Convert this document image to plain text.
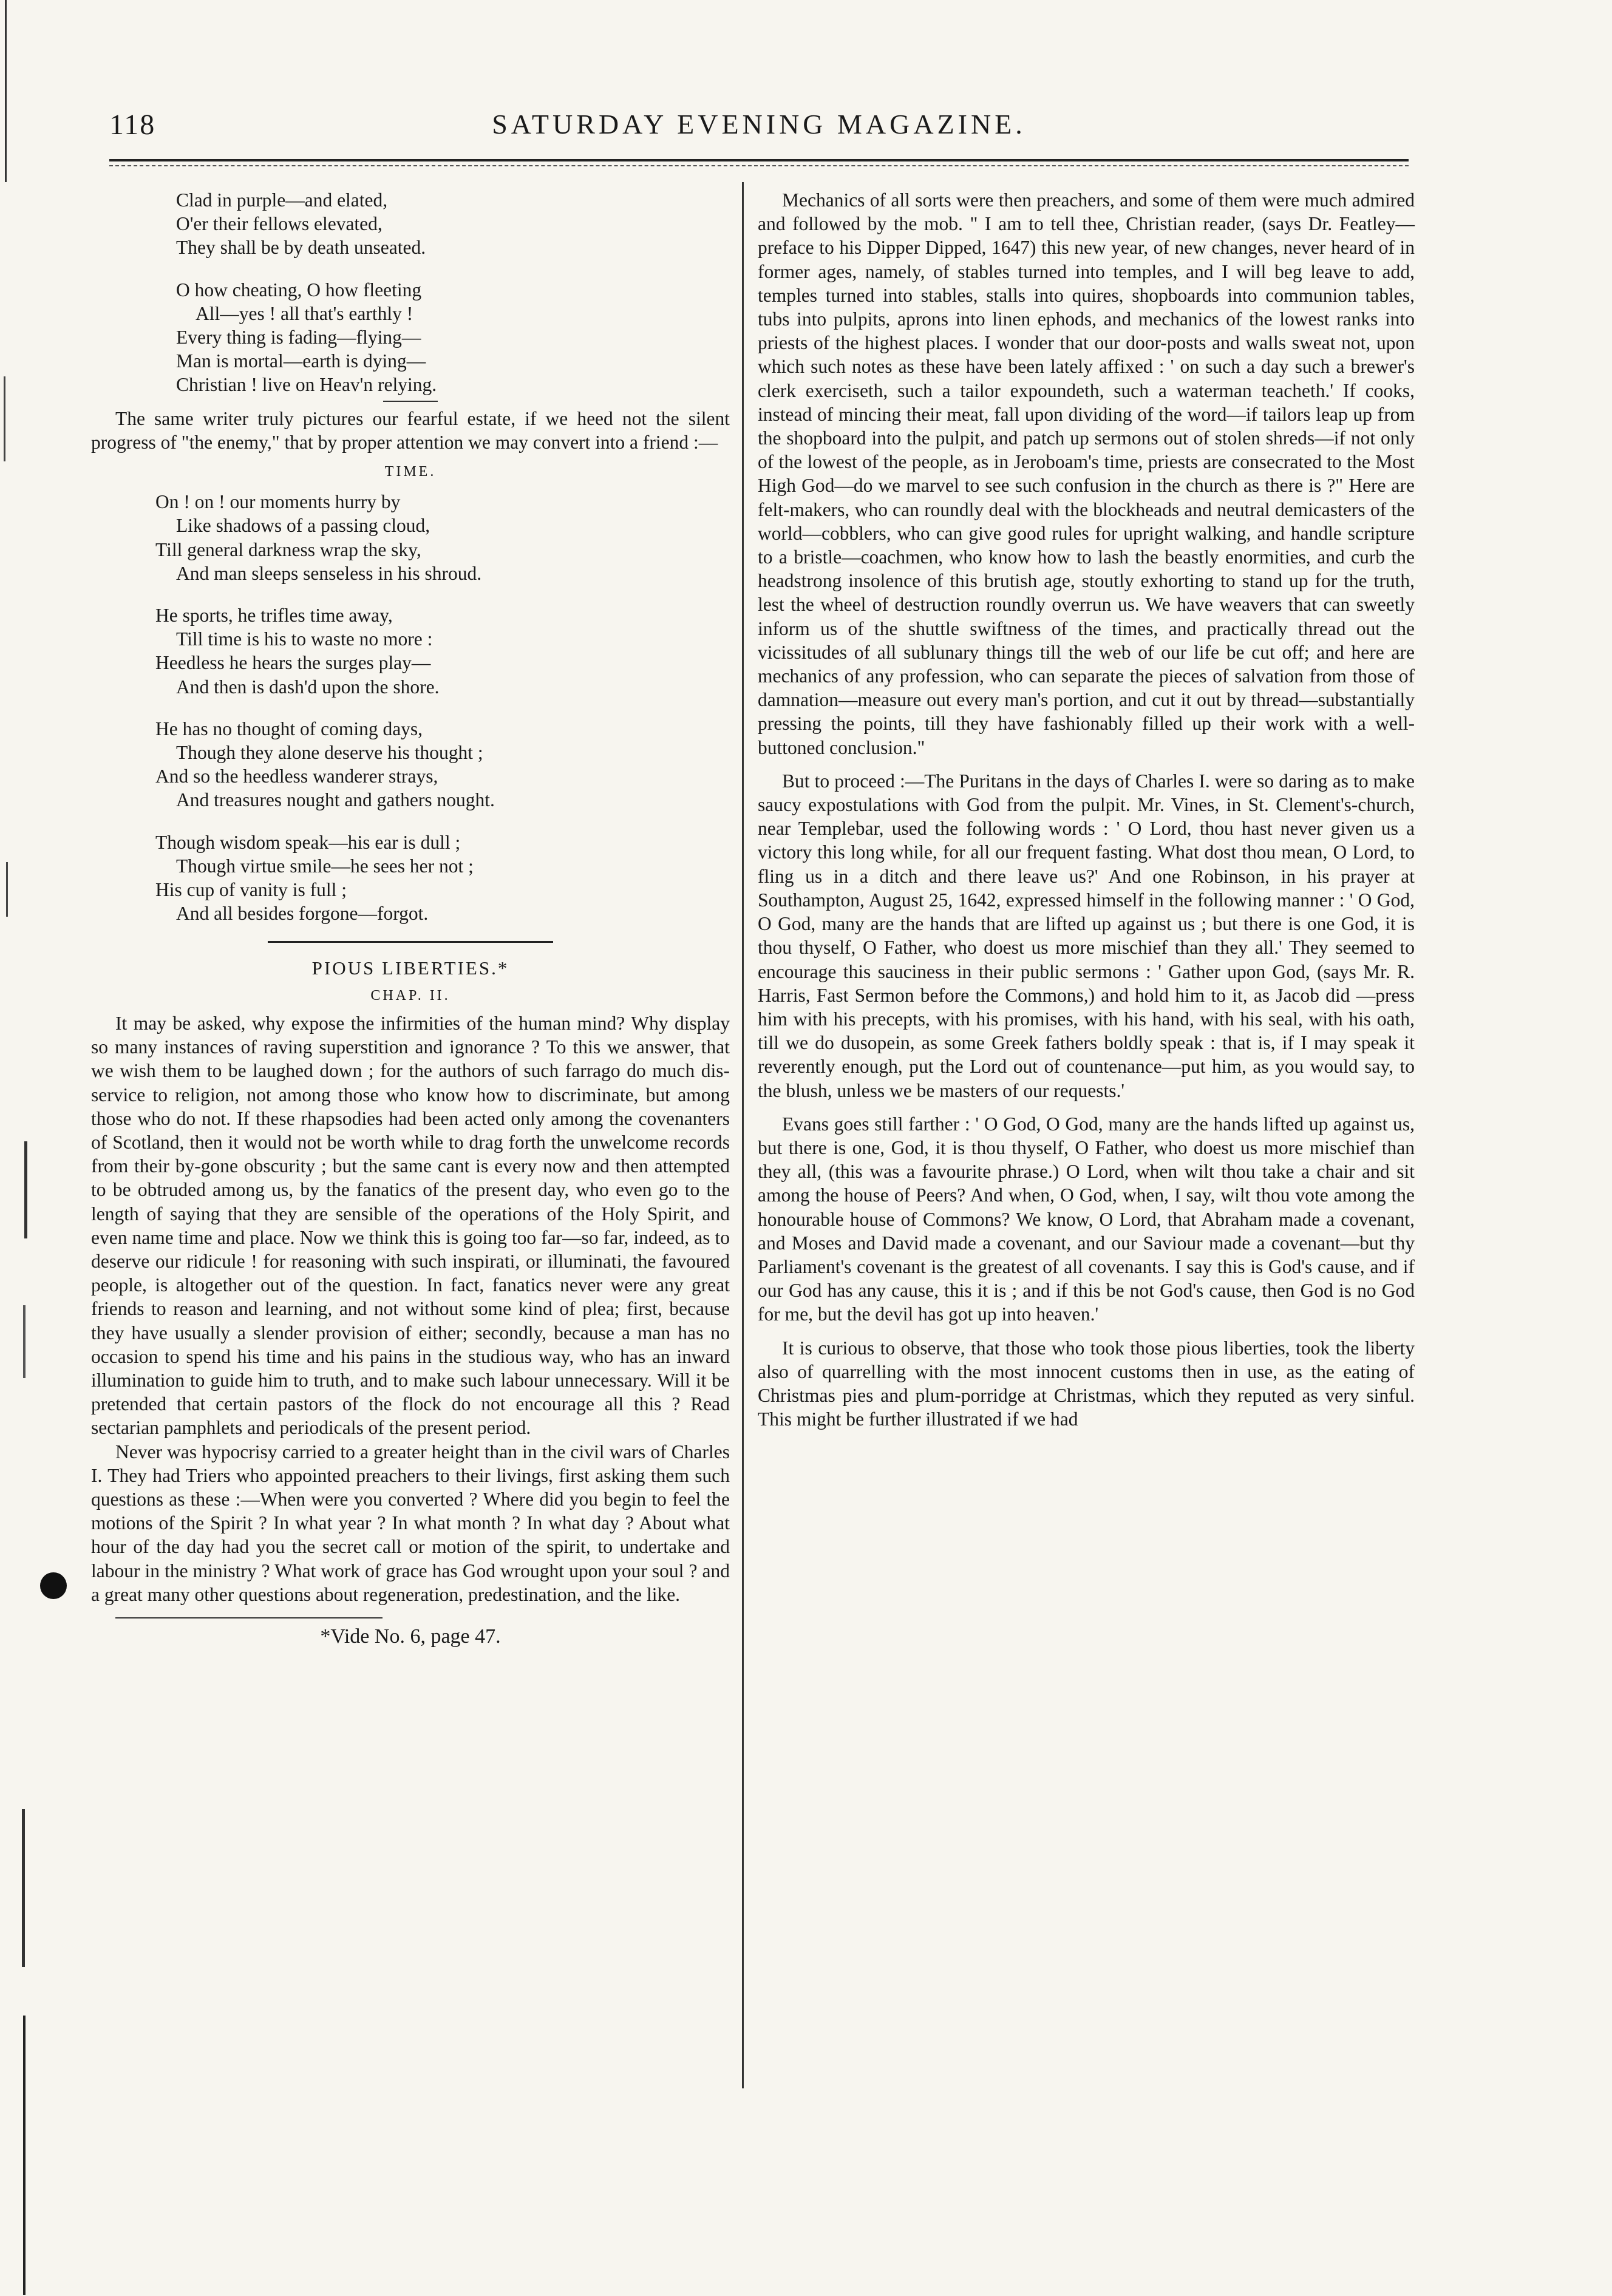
118	SATURDAY EVENING MAGAZINE.
Clad in purple—and elated,
O'er their fellows elevated,
They shall be by death unseated.
O how cheating, O how fleeting
All—yes ! all that's earthly !
Every thing is fading—flying—
Man is mortal—earth is dying—
Christian ! live on Heav'n relying.

The same writer truly pictures our fearful estate, if we heed not the silent progress of "the enemy," that by proper attention we may convert into a friend :—

TIME.
On ! on ! our moments hurry by
Like shadows of a passing cloud,
Till general darkness wrap the sky,
And man sleeps senseless in his shroud.
He sports, he trifles time away,
Till time is his to waste no more :
Heedless he hears the surges play—
And then is dash'd upon the shore.
He has no thought of coming days,
Though they alone deserve his thought ;
And so the heedless wanderer strays,
And treasures nought and gathers nought.
Though wisdom speak—his ear is dull ;
Though virtue smile—he sees her not ;
His cup of vanity is full ;
And all besides forgone—forgot.
PIOUS LIBERTIES.*
CHAP. II.

It may be asked, why expose the infirmities of the human mind? Why display so many instances of raving superstition and ignorance ? To this we answer, that we wish them to be laughed down ; for the authors of such farrago do much dis-service to religion, not among those who know how to discriminate, but among those who do not. If these rhapsodies had been acted only among the covenanters of Scotland, then it would not be worth while to drag forth the unwelcome records from their by-gone obscurity ; but the same cant is every now and then attempted to be obtruded among us, by the fanatics of the present day, who even go to the length of saying that they are sensible of the operations of the Holy Spirit, and even name time and place. Now we think this is going too far—so far, indeed, as to deserve our ridicule ! for reasoning with such inspirati, or illuminati, the favoured people, is altogether out of the question. In fact, fanatics never were any great friends to reason and learning, and not without some kind of plea; first, because they have usually a slender provision of either; secondly, because a man has no occasion to spend his time and his pains in the studious way, who has an inward illumination to guide him to truth, and to make such labour unnecessary. Will it be pretended that certain pastors of the flock do not encourage all this ? Read sectarian pamphlets and periodicals of the present period.

Never was hypocrisy carried to a greater height than in the civil wars of Charles I. They had Triers who appointed preachers to their livings, first asking them such questions as these :—When were you converted ? Where did you begin to feel the motions of the Spirit ? In what year ? In what month ? In what day ? About what hour of the day had you the secret call or motion of the spirit, to undertake and labour in the ministry ? What work of grace has God wrought upon your soul ? and a great many other questions about regeneration, predestination, and the like.

*Vide No. 6, page 47.

Mechanics of all sorts were then preachers, and some of them were much admired and followed by the mob. " I am to tell thee, Christian reader, (says Dr. Featley—preface to his Dipper Dipped, 1647) this new year, of new changes, never heard of in former ages, namely, of stables turned into temples, and I will beg leave to add, temples turned into stables, stalls into quires, shopboards into communion tables, tubs into pulpits, aprons into linen ephods, and mechanics of the lowest ranks into priests of the highest places. I wonder that our door-posts and walls sweat not, upon which such notes as these have been lately affixed : ' on such a day such a brewer's clerk exerciseth, such a tailor expoundeth, such a waterman teacheth.' If cooks, instead of mincing their meat, fall upon dividing of the word—if tailors leap up from the shopboard into the pulpit, and patch up sermons out of stolen shreds—if not only of the lowest of the people, as in Jeroboam's time, priests are consecrated to the Most High God—do we marvel to see such confusion in the church as there is ?" Here are felt-makers, who can roundly deal with the blockheads and neutral demicasters of the world—cobblers, who can give good rules for upright walking, and handle scripture to a bristle—coachmen, who know how to lash the beastly enormities, and curb the headstrong insolence of this brutish age, stoutly exhorting to stand up for the truth, lest the wheel of destruction roundly overrun us. We have weavers that can sweetly inform us of the shuttle swiftness of the times, and practically thread out the vicissitudes of all sublunary things till the web of our life be cut off; and here are mechanics of any profession, who can separate the pieces of salvation from those of damnation—measure out every man's portion, and cut it out by thread—substantially pressing the points, till they have fashionably filled up their work with a well-buttoned conclusion."

But to proceed :—The Puritans in the days of Charles I. were so daring as to make saucy expostulations with God from the pulpit. Mr. Vines, in St. Clement's-church, near Templebar, used the following words : ' O Lord, thou hast never given us a victory this long while, for all our frequent fasting. What dost thou mean, O Lord, to fling us in a ditch and there leave us?' And one Robinson, in his prayer at Southampton, August 25, 1642, expressed himself in the following manner : ' O God, O God, many are the hands that are lifted up against us ; but there is one God, it is thou thyself, O Father, who doest us more mischief than they all.' They seemed to encourage this sauciness in their public sermons : ' Gather upon God, (says Mr. R. Harris, Fast Sermon before the Commons,) and hold him to it, as Jacob did —press him with his precepts, with his promises, with his hand, with his seal, with his oath, till we do dusopein, as some Greek fathers boldly speak : that is, if I may speak it reverently enough, put the Lord out of countenance—put him, as you would say, to the blush, unless we be masters of our requests.'

Evans goes still farther : ' O God, O God, many are the hands lifted up against us, but there is one, God, it is thou thyself, O Father, who doest us more mischief than they all, (this was a favourite phrase.) O Lord, when wilt thou take a chair and sit among the house of Peers? And when, O God, when, I say, wilt thou vote among the honourable house of Commons? We know, O Lord, that Abraham made a covenant, and Moses and David made a covenant, and our Saviour made a covenant—but thy Parliament's covenant is the greatest of all covenants. I say this is God's cause, and if our God has any cause, this it is ; and if this be not God's cause, then God is no God for me, but the devil has got up into heaven.'

It is curious to observe, that those who took those pious liberties, took the liberty also of quarrelling with the most innocent customs then in use, as the eating of Christmas pies and plum-porridge at Christmas, which they reputed as very sinful. This might be further illustrated if we had
